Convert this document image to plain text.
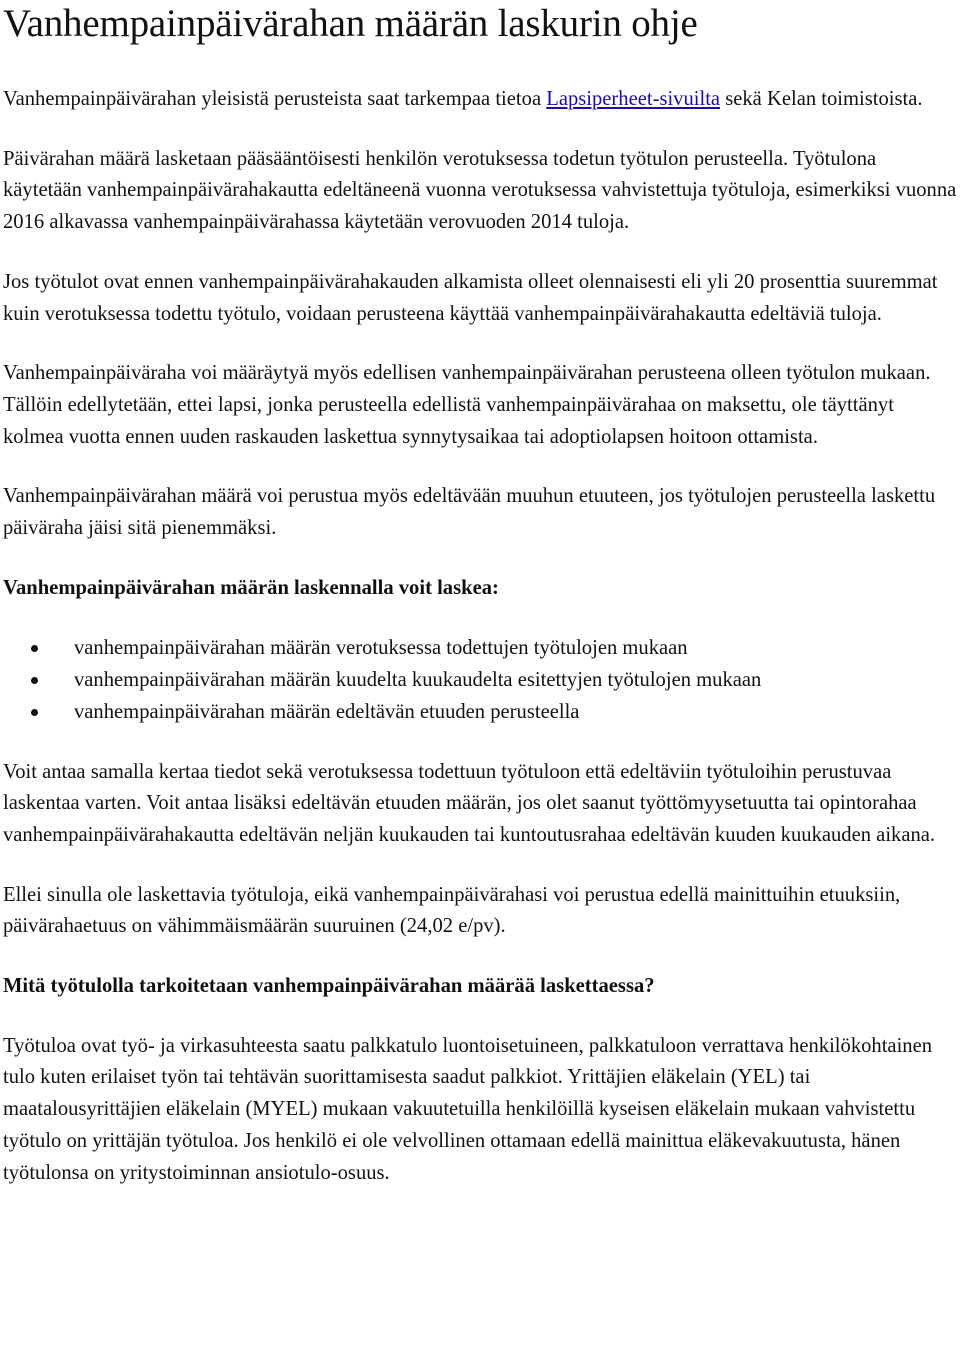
Vanhempainpäivärahan määrän laskurin ohje

Vanhempainpäivärahan yleisistä perusteista saat tarkempaa tietoa Lapsiperheet-sivuilta sekä Kelan toimistoista.

Päivärahan määrä lasketaan pääsääntöisesti henkilön verotuksessa todetun työtulon perusteella. Työtulona käytetään vanhempainpäivärahakautta edeltäneenä vuonna verotuksessa vahvistettuja työtuloja, esimerkiksi vuonna 2016 alkavassa vanhempainpäivärahassa käytetään verovuoden 2014 tuloja.

Jos työtulot ovat ennen vanhempainpäivärahakauden alkamista olleet olennaisesti eli yli 20 prosenttia suuremmat kuin verotuksessa todettu työtulo, voidaan perusteena käyttää vanhempainpäivärahakautta edeltäviä tuloja.

Vanhempainpäiväraha voi määräytyä myös edellisen vanhempainpäivärahan perusteena olleen työtulon mukaan. Tällöin edellytetään, ettei lapsi, jonka perusteella edellistä vanhempainpäivärahaa on maksettu, ole täyttänyt kolmea vuotta ennen uuden raskauden laskettua synnytysaikaa tai adoptiolapsen hoitoon ottamista.

Vanhempainpäivärahan määrä voi perustua myös edeltävään muuhun etuuteen, jos työtulojen perusteella laskettu päiväraha jäisi sitä pienemmäksi.

Vanhempainpäivärahan määrän laskennalla voit laskea:

vanhempainpäivärahan määrän verotuksessa todettujen työtulojen mukaan
vanhempainpäivärahan määrän kuudelta kuukaudelta esitettyjen työtulojen mukaan
vanhempainpäivärahan määrän edeltävän etuuden perusteella

Voit antaa samalla kertaa tiedot sekä verotuksessa todettuun työtuloon että edeltäviin työtuloihin perustuvaa laskentaa varten. Voit antaa lisäksi edeltävän etuuden määrän, jos olet saanut työttömyysetuutta tai opintorahaa vanhempainpäivärahakautta edeltävän neljän kuukauden tai kuntoutusrahaa edeltävän kuuden kuukauden aikana.

Ellei sinulla ole laskettavia työtuloja, eikä vanhempainpäivärahasi voi perustua edellä mainittuihin etuuksiin, päivärahaetuus on vähimmäismäärän suuruinen (24,02 e/pv).

Mitä työtulolla tarkoitetaan vanhempainpäivärahan määrää laskettaessa?

Työtuloa ovat työ- ja virkasuhteesta saatu palkkatulo luontoisetuineen, palkkatuloon verrattava henkilökohtainen tulo kuten erilaiset työn tai tehtävän suorittamisesta saadut palkkiot. Yrittäjien eläkelain (YEL) tai maatalousyrittäjien eläkelain (MYEL) mukaan vakuutetuilla henkilöillä kyseisen eläkelain mukaan vahvistettu työtulo on yrittäjän työtuloa. Jos henkilö ei ole velvollinen ottamaan edellä mainittua eläkevakuutusta, hänen työtulonsa on yritystoiminnan ansiotulo-osuus.
